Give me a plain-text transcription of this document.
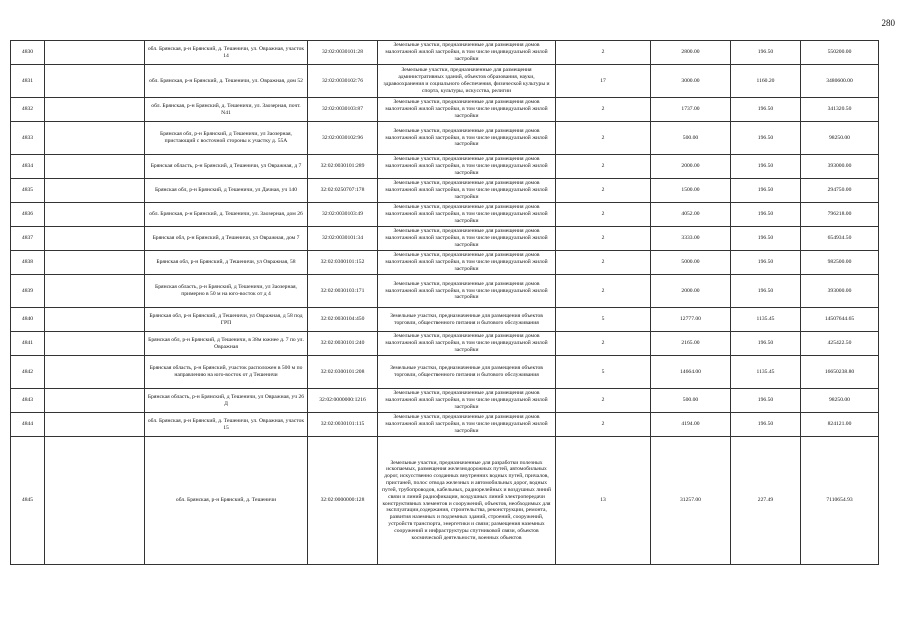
280
4830		обл. Брянская, р-н Брянский, д. Тешеничи, ул. Овражная, участок 14	32:02:0030101:28	Земельные участки, предназначенные для размещения домов малоэтажной жилой застройки, в том числе индивидуальной жилой застройки	2	2800.00	196.50	550200.00
4831		обл. Брянская, р-н Брянский, д. Тешеничи, ул. Овражная, дом 52	32:02:0030102:76	Земельные участки, предназначенные для размещения административных зданий, объектов образования, науки, здравоохранения и социального обеспечения, физической культуры и спорта, культуры, искусства, религии	17	3000.00	1160.20	3480600.00
4832		обл. Брянская, р-н Брянский, д. Тешеничи, ул. Заозерная, почт. N41	32:02:0030103:87	Земельные участки, предназначенные для размещения домов малоэтажной жилой застройки, в том числе индивидуальной жилой застройки	2	1737.00	196.50	341320.50
4833		Брянская обл, р-н Брянский, д Тешеничи, ул Заозерная, пристающий с восточной стороны к участку д. 55А	32:02:0030102:96	Земельные участки, предназначенные для размещения домов малоэтажной жилой застройки, в том числе индивидуальной жилой застройки	2	500.00	196.50	98250.00
4834		Брянская область, р-н Брянский, д Тешеничи, ул Овражная, д 7	32:02:0030101:289	Земельные участки, предназначенные для размещения домов малоэтажной жилой застройки, в том числе индивидуальной жилой застройки	2	2000.00	196.50	393000.00
4835		Брянская обл, р-н Брянский, д Тешеничи, ул Дачная, уч 140	32:02:0250707:178	Земельные участки, предназначенные для размещения домов малоэтажной жилой застройки, в том числе индивидуальной жилой застройки	2	1500.00	196.50	294750.00
4836		обл. Брянская, р-н Брянский, д. Тешеничи, ул. Заозерная, дом 26	32:02:0030103:49	Земельные участки, предназначенные для размещения домов малоэтажной жилой застройки, в том числе индивидуальной жилой застройки	2	4052.00	196.50	796218.00
4837		Брянская обл, р-н Брянский, д Тешеничи, ул Овражная, дом 7	32:02:0030101:34	Земельные участки, предназначенные для размещения домов малоэтажной жилой застройки, в том числе индивидуальной жилой застройки	2	3333.00	196.50	654934.50
4838		Брянская обл, р-н Брянский, д Тешеничи, ул Овражная, 58	32:02:0300101:152	Земельные участки, предназначенные для размещения домов малоэтажной жилой застройки, в том числе индивидуальной жилой застройки	2	5000.00	196.50	982500.00
4839		Брянская область, р-н Брянский, д Тешеничи, ул Заозерная, примерно в 50 м на юго-восток от д 4	32:02:0030103:171	Земельные участки, предназначенные для размещения домов малоэтажной жилой застройки, в том числе индивидуальной жилой застройки	2	2000.00	196.50	393000.00
4840		Брянская обл, р-н Брянский, д Тешеничи, ул Овражная, д 58 под ГРП	32:02:0030104:450	Земельные участки, предназначенные для размещения объектов торговли, общественного питания и бытового обслуживания	5	12777.00	1135.45	14507644.65
4841		Брянская обл, р-н Брянский, д Тешеничи, в 38м южнее д. 7 по ул. Овражная	32:02:0030101:240	Земельные участки, предназначенные для размещения домов малоэтажной жилой застройки, в том числе индивидуальной жилой застройки	2	2165.00	196.50	425422.50
4842		Брянская область, р-н Брянский, участок расположен в 500 м по направлению на юго-восток от д Тешеничи	32:02:0300101:208	Земельные участки, предназначенные для размещения объектов торговли, общественного питания и бытового обслуживания	5	14664.00	1135.45	16650238.80
4843		Брянская область, р-н Брянский, д Тешеничи, ул Овражная, уч 26 Д	32:02:0000000:1216	Земельные участки, предназначенные для размещения домов малоэтажной жилой застройки, в том числе индивидуальной жилой застройки	2	500.00	196.50	98250.00
4844		обл. Брянская, р-н Брянский, д. Тешеничи, ул. Овражная, участок 15	32:02:0030101:115	Земельные участки, предназначенные для размещения домов малоэтажной жилой застройки, в том числе индивидуальной жилой застройки	2	4194.00	196.50	824121.00
4845		обл. Брянская, р-н Брянский, д. Тешеничи	32:02:0000000:128	Земельные участки, предназначенные для разработки полезных ископаемых, размещения железнодорожных путей, автомобильных дорог, искусственно созданных внутренних водных путей, причалов, пристаней, полос отвода железных и автомобильных дорог, водных путей, трубопроводов, кабельных, радиорелейных и воздушных линий связи и линий радиофикации, воздушных линий электропередачи конструктивных элементов и сооружений, объектов, необходимых для эксплуатации,содержания, строительства, реконструкции, ремонта, развития наземных и подземных зданий, строений, сооружений, устройств транспорта, энергетики и связи; размещения наземных сооружений и инфраструктуры спутниковой связи, объектов космической деятельности, военных объектов	13	31257.00	227.49	7110654.93
